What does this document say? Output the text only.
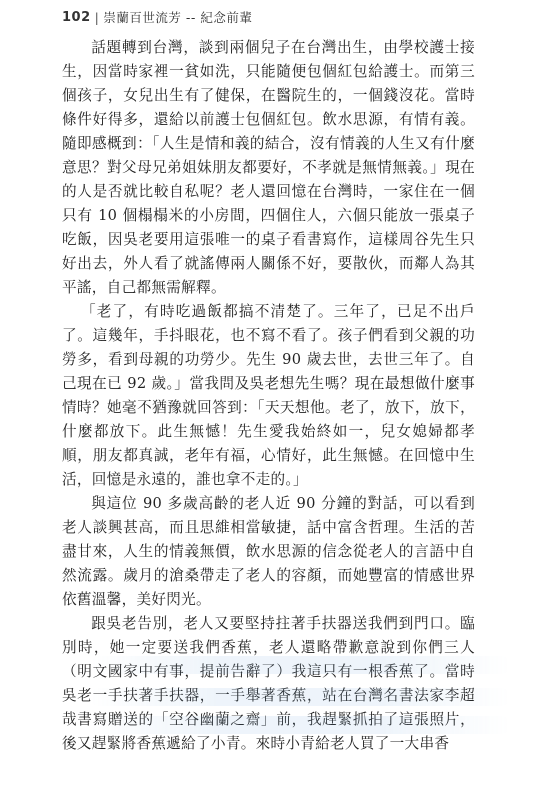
102 | 崇蘭百世流芳 -- 紀念前輩

話題轉到台灣，談到兩個兒子在台灣出生，由學校護士接生，因當時家裡一貧如洗，只能隨便包個紅包給護士。而第三個孩子，女兒出生有了健保，在醫院生的，一個錢沒花。當時條件好得多，還給以前護士包個紅包。飲水思源，有情有義。隨即感概到：「人生是情和義的結合，沒有情義的人生又有什麼意思？對父母兄弟姐妹朋友都要好，不孝就是無情無義。」現在的人是否就比較自私呢？老人還回憶在台灣時，一家住在一個只有 10 個榻榻米的小房間，四個住人，六個只能放一張桌子吃飯，因吳老要用這張唯一的桌子看書寫作，這樣周谷先生只好出去，外人看了就謠傳兩人關係不好，要散伙，而鄰人為其平謠，自己都無需解釋。

「老了，有時吃過飯都搞不清楚了。三年了，已足不出戶了。這幾年，手抖眼花，也不寫不看了。孩子們看到父親的功勞多，看到母親的功勞少。先生 90 歲去世，去世三年了。自己現在已 92 歲。」當我問及吳老想先生嗎？現在最想做什麼事情時？她毫不猶豫就回答到：「天天想他。老了，放下，放下，什麼都放下。此生無憾！先生愛我始終如一，兒女媳婦都孝順，朋友都真誠，老年有福，心情好，此生無憾。在回憶中生活，回憶是永遠的，誰也拿不走的。」

與這位 90 多歲高齡的老人近 90 分鐘的對話，可以看到老人談興甚高，而且思維相當敏捷，話中富含哲理。生活的苦盡甘來，人生的情義無價，飲水思源的信念從老人的言語中自然流露。歲月的滄桑帶走了老人的容顏，而她豐富的情感世界依舊溫馨，美好閃光。

跟吳老告別，老人又要堅持拄著手扶器送我們到門口。臨別時，她一定要送我們香蕉，老人還略帶歉意說到你們三人（明文國家中有事，提前告辭了）我這只有一根香蕉了。當時吳老一手扶著手扶器，一手舉著香蕉，站在台灣名書法家李超哉書寫贈送的「空谷幽蘭之齋」前，我趕緊抓拍了這張照片，後又趕緊將香蕉遞給了小青。來時小青給老人買了一大串香
